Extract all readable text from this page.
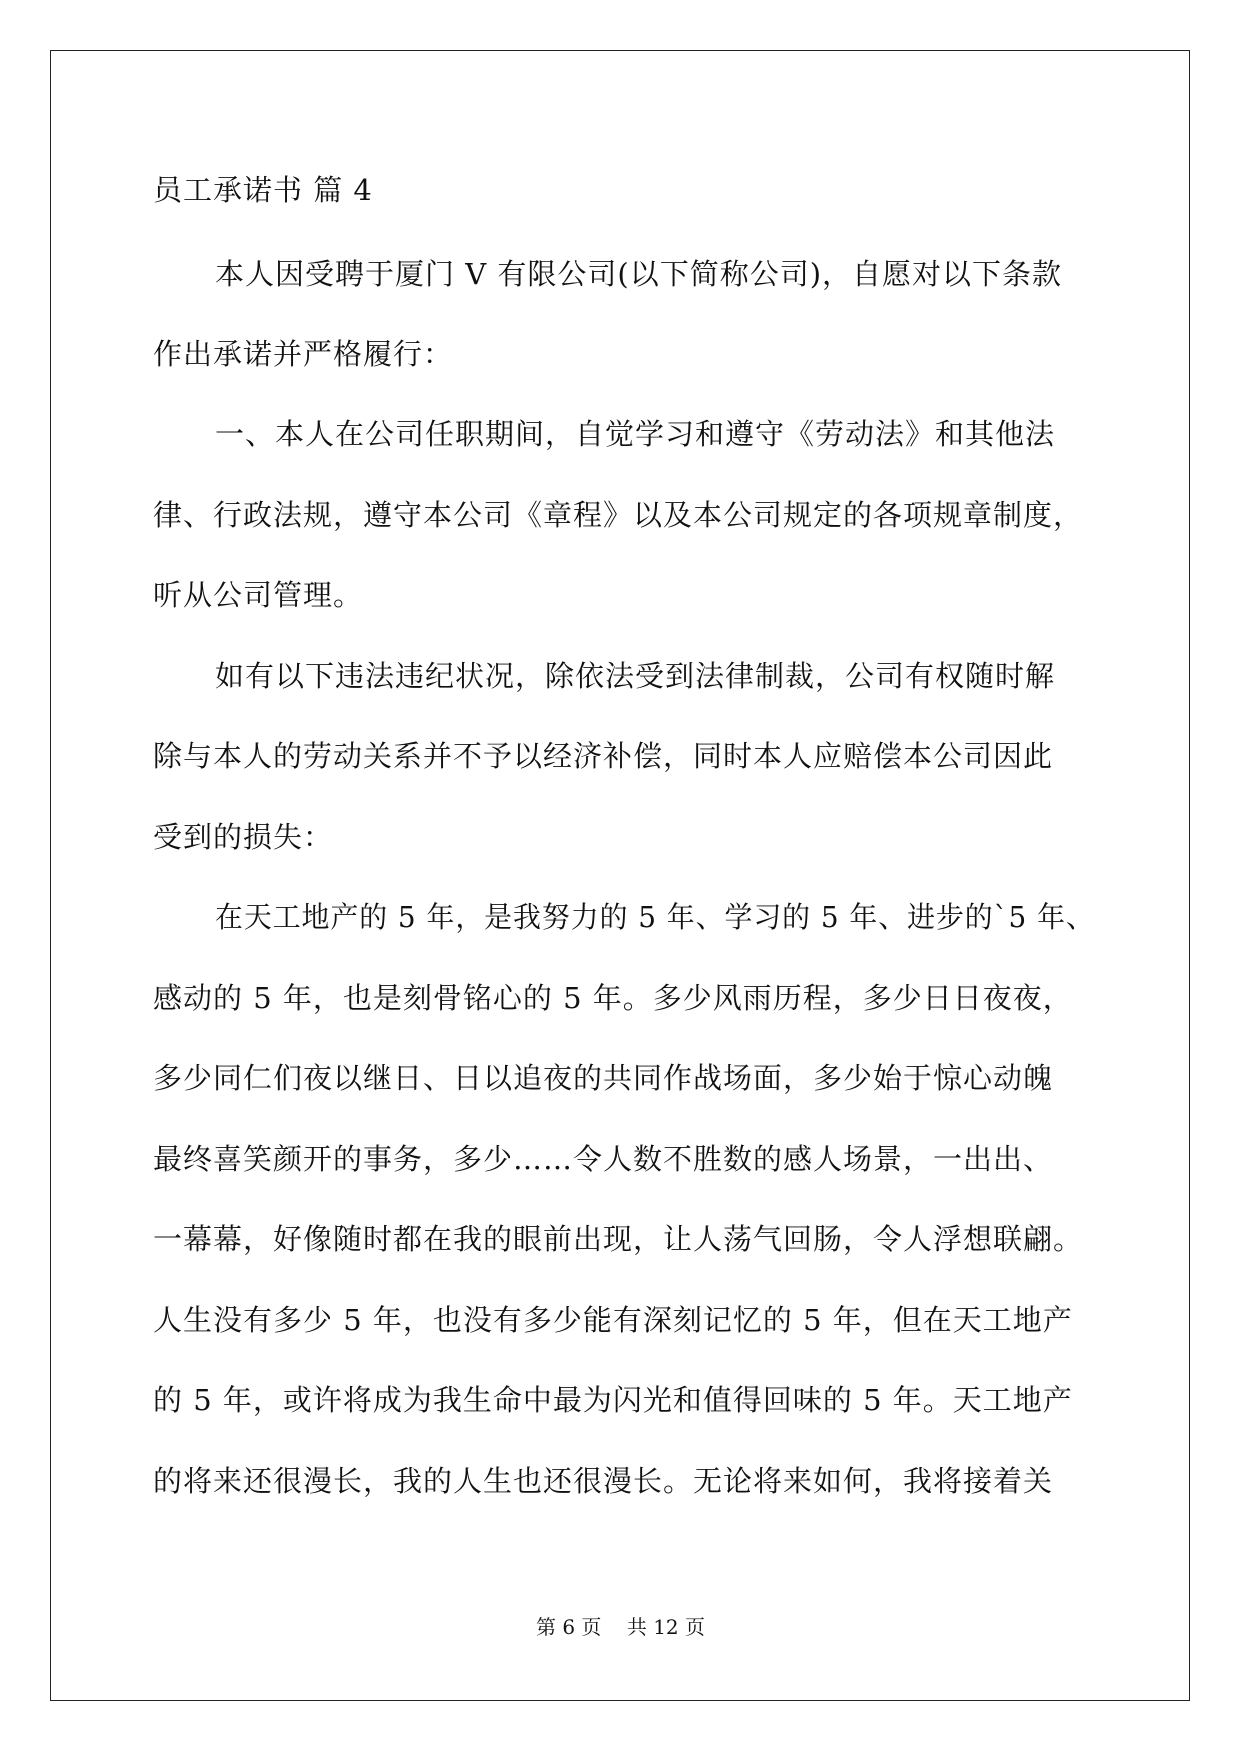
员工承诺书 篇 4
本人因受聘于厦门 V 有限公司(以下简称公司)，自愿对以下条款
作出承诺并严格履行：
一、本人在公司任职期间，自觉学习和遵守《劳动法》和其他法
律、行政法规，遵守本公司《章程》以及本公司规定的各项规章制度，
听从公司管理。
如有以下违法违纪状况，除依法受到法律制裁，公司有权随时解
除与本人的劳动关系并不予以经济补偿，同时本人应赔偿本公司因此
受到的损失：
在天工地产的 5 年，是我努力的 5 年、学习的 5 年、进步的`5 年、
感动的 5 年，也是刻骨铭心的 5 年。多少风雨历程，多少日日夜夜，
多少同仁们夜以继日、日以追夜的共同作战场面，多少始于惊心动魄
最终喜笑颜开的事务，多少……令人数不胜数的感人场景，一出出、
一幕幕，好像随时都在我的眼前出现，让人荡气回肠，令人浮想联翩。
人生没有多少 5 年，也没有多少能有深刻记忆的 5 年，但在天工地产
的 5 年，或许将成为我生命中最为闪光和值得回味的 5 年。天工地产
的将来还很漫长，我的人生也还很漫长。无论将来如何，我将接着关
第 6 页    共 12 页
